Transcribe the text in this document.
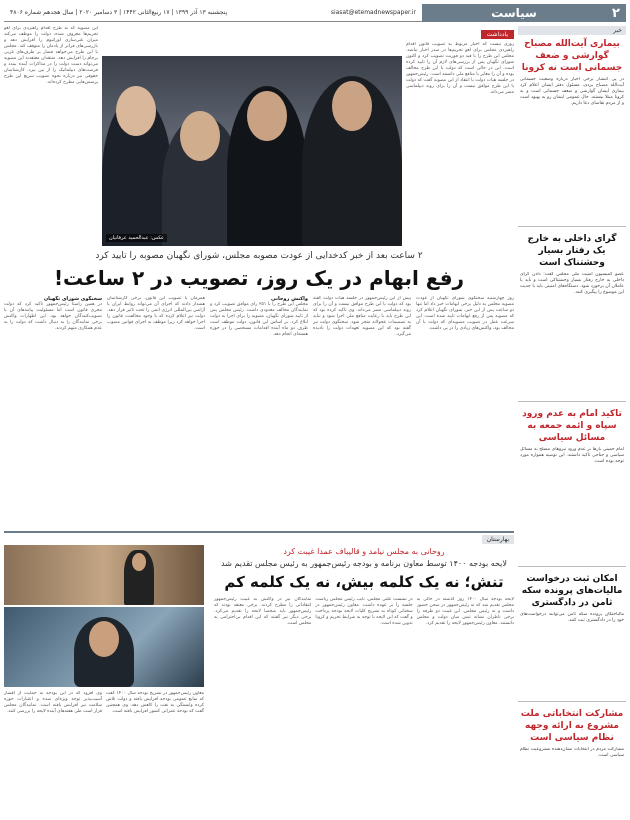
۲
سیاست
siasat@etemadnewspaper.ir
پنجشنبه ۱۳ آذر ۱۳۹۹ | ۱۷ ربیع‌الثانی ۱۴۴۲ | ۳ دسامبر ۲۰۲۰ | سال هجدهم شماره ۴۸۰۶
خبر
بیماری آیت‌الله مصباح گوارشی و ضعف جسمانی است نه کرونا
در پی انتشار برخی اخبار درباره وضعیت جسمانی آیت‌الله مصباح یزدی، مسئول دفتر ایشان اعلام کرد بیماری ایشان گوارشی و ضعف جسمانی است و به کرونا مبتلا نیستند. حال عمومی ایشان رو به بهبود است و از مردم تقاضای دعا داریم.
گرای داخلی به خارج یک رفتار بسیار وحشتناک است
عضو کمیسیون امنیت ملی مجلس گفت: دادن گرای داخلی به خارج رفتار بسیار وحشتناکی است و باید با عاملان آن برخورد شود. دستگاه‌های امنیتی باید با جدیت این موضوع را پیگیری کنند.
تاکید امام به عدم ورود سپاه و ائمه جمعه به مسائل سیاسی
امام خمینی بارها بر عدم ورود نیروهای مسلح به مسائل سیاسی و جناحی تاکید داشتند. این توصیه همواره مورد توجه بوده است.
امکان ثبت درخواست مالیات‌های پرونده سکه ثامن در دادگستری
مالباختگان پرونده سکه ثامن می‌توانند درخواست‌های خود را در دادگستری ثبت کنند.
مشارکت انتخاباتی ملت مشروع به ارائه وجهه نظام سیاسی است
مشارکت مردم در انتخابات نشان‌دهنده مشروعیت نظام سیاسی است.
یادداشت
روزی نیست که اخبار مربوط به تصویب قانون اقدام راهبردی مجلس برای لغو تحریم‌ها در صدر اخبار نباشد. مجلس این طرح را با قید دو فوریت تصویب کرد و اکنون شورای نگهبان پس از بررسی‌های لازم آن را تایید کرده است. این در حالی است که دولت با این طرح مخالف بوده و آن را مغایر با منافع ملی دانسته است. رئیس‌جمهور در جلسه هیات دولت با انتقاد از این مصوبه گفت که دولت با این طرح موافق نیست و آن را برای روند دیپلماسی مضر می‌داند.
عکس: عبدالحمید عرفانیان
این مصوبه که به طرح اقدام راهبردی برای لغو تحریم‌ها معروف شده، دولت را موظف می‌کند میزان غنی‌سازی اورانیوم را افزایش دهد و بازرسی‌های فراتر از پادمان را متوقف کند. مجلس با این طرح می‌خواهد فشار بر طرف‌های غربی برجام را افزایش دهد. منتقدان معتقدند این مصوبه می‌تواند دست دولت را در مذاکرات آینده ببندد و فرصت‌های دیپلماتیک را از بین ببرد. کارشناسان حقوقی نیز درباره نحوه تصویب سریع این طرح پرسش‌هایی مطرح کرده‌اند.
۲ ساعت بعد از خبر کدخدایی از عودت مصوبه مجلس، شورای نگهبان مصوبه را تایید کرد
رفع ابهام در یک روز، تصویب در ۲ ساعت!
روز چهارشنبه سخنگوی شورای نگهبان از عودت مصوبه مجلس به دلیل برخی ابهامات خبر داد اما تنها دو ساعت پس از این خبر، شورای نگهبان اعلام کرد که مصوبه پس از رفع ابهامات تایید شده است. این سرعت عمل در تصویب مصوبه‌ای که دولت با آن مخالف بود، واکنش‌های زیادی را در پی داشت.
پیش از این رئیس‌جمهور در جلسه هیات دولت گفته بود که دولت با این طرح موافق نیست و آن را برای روند دیپلماسی مضر می‌داند. وی تاکید کرده بود که این طرح باید با رعایت منافع ملی اجرا شود و نباید به تصمیمات عجولانه منجر شود. سخنگوی دولت نیز گفته بود که این مصوبه تعهدات دولت را نادیده می‌گیرد.
واکنش روحانی
مجلس این طرح را با ۲۵۱ رای موافق تصویب کرد و نمایندگان مخالف معدودی داشت. رئیس مجلس پس از تایید شورای نگهبان، مصوبه را برای اجرا به دولت ابلاغ کرد. بر اساس این قانون، دولت موظف است ظرف دو ماه آینده اقدامات مشخصی را در حوزه هسته‌ای انجام دهد.
همزمان با تصویب این قانون، برخی کارشناسان هشدار دادند که اجرای آن می‌تواند روابط ایران با آژانس بین‌المللی انرژی اتمی را تحت تاثیر قرار دهد. دولت نیز اعلام کرده که با وجود مخالفت، قانون را اجرا خواهد کرد زیرا موظف به اجرای قوانین مصوب است.
سخنگوی شورای نگهبان
در همین راستا رئیس‌جمهور تاکید کرد که دولت مجری قانون است اما مسئولیت پیامدهای آن با تصویب‌کنندگان خواهد بود. این اظهارات واکنش برخی نمایندگان را به دنبال داشت که دولت را به عدم همکاری متهم کردند.
بهارستان
روحانی به مجلس نیامد و قالیباف عمدا غیبت کرد
لایحه بودجه ۱۴۰۰ توسط معاون برنامه و بودجه رئیس‌جمهور به رئیس مجلس تقدیم شد
تنش؛ نه یک کلمه بیش، نه یک کلمه کم
لایحه بودجه سال ۱۴۰۰ روز گذشته در حالی به مجلس تقدیم شد که نه رئیس‌جمهور در صحن حضور داشت و نه رئیس مجلس. این غیبت دو طرفه را برخی ناظران نشانه تنش میان دولت و مجلس دانستند. معاون رئیس‌جمهور لایحه را تقدیم کرد.
در نشست علنی مجلس، نایب رئیس مجلس ریاست جلسه را بر عهده داشت. معاون رئیس‌جمهور در سخنانی کوتاه به تشریح کلیات لایحه بودجه پرداخت و گفت که این لایحه با توجه به شرایط تحریم و کرونا تدوین شده است.
نمایندگان نیز در واکنش به غیبت رئیس‌جمهور انتقاداتی را مطرح کردند. برخی معتقد بودند که رئیس‌جمهور باید شخصا لایحه را تقدیم می‌کرد. برخی دیگر نیز گفتند که این اقدام بی‌احترامی به مجلس است.
معاون رئیس‌جمهور در تشریح بودجه سال ۱۴۰۰ گفت که منابع عمومی بودجه افزایش یافته و دولت تلاش کرده وابستگی به نفت را کاهش دهد. وی همچنین گفت که بودجه عمرانی کشور افزایش یافته است.
وی افزود که در این بودجه به حمایت از اقشار آسیب‌پذیر توجه ویژه‌ای شده و اعتبارات حوزه سلامت نیز افزایش یافته است. نمایندگان مجلس قرار است طی هفته‌های آینده لایحه را بررسی کنند.
